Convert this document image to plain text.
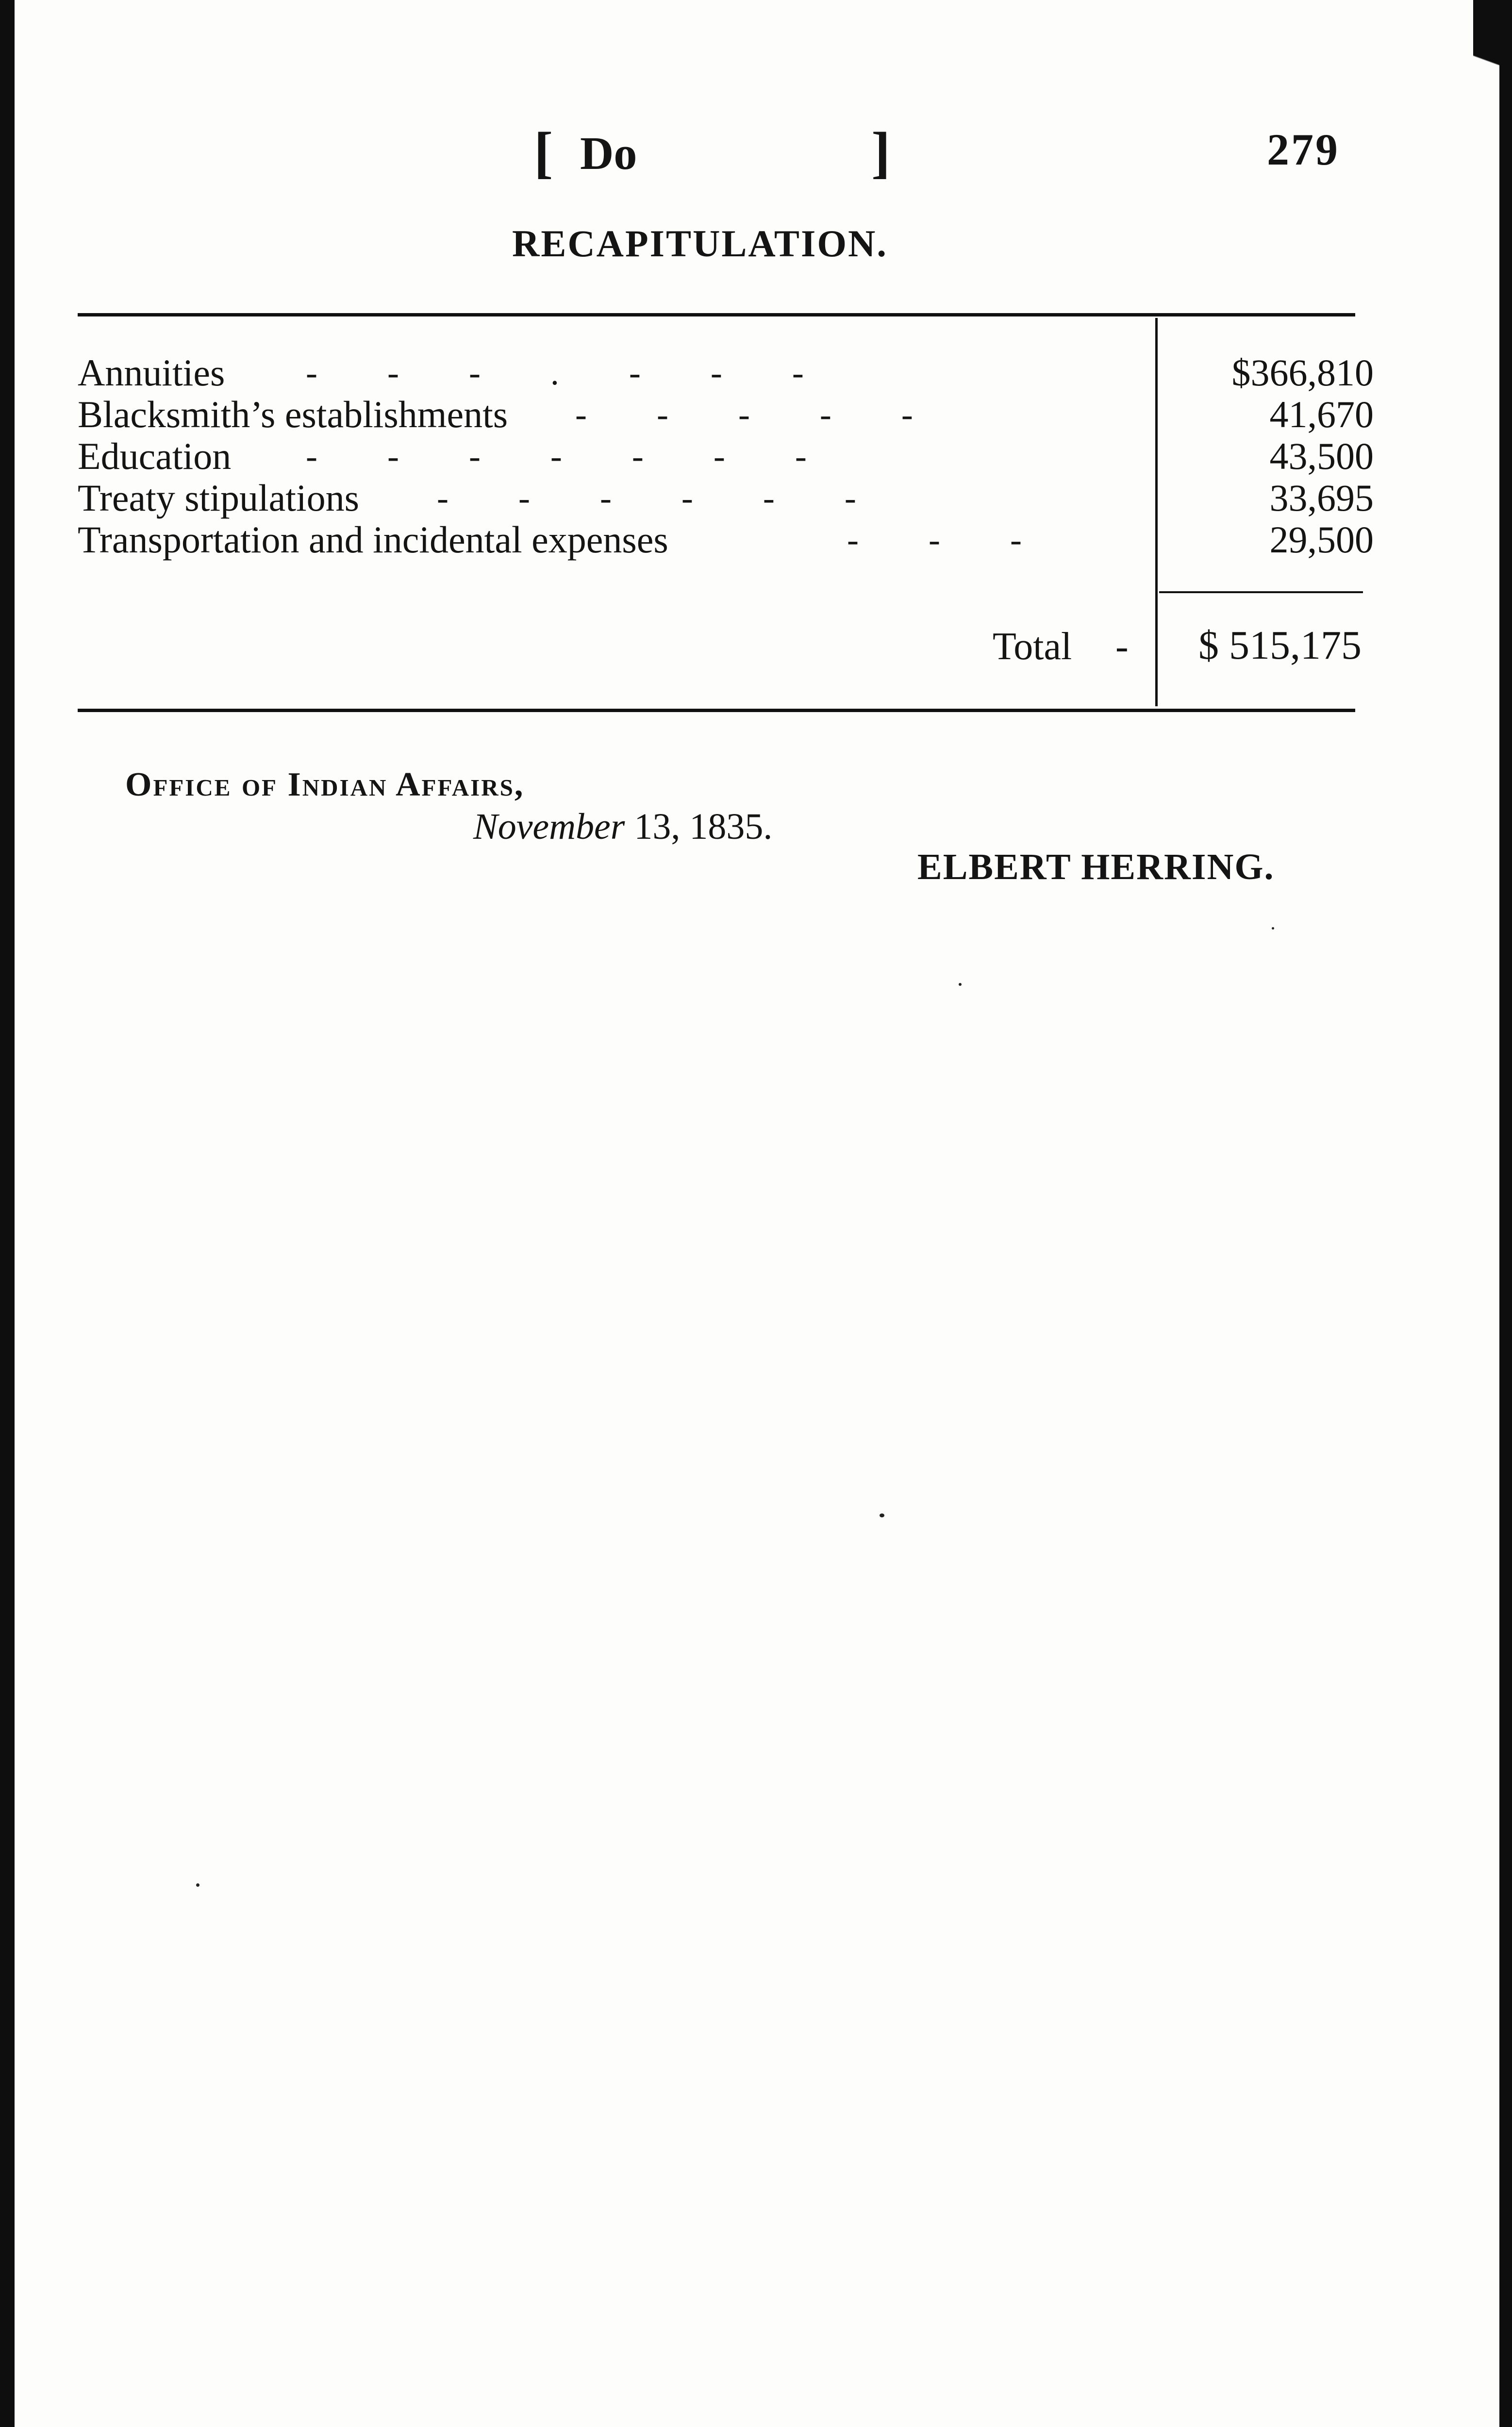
[ Do	]	279
RECAPITULATION.
Annuities -        -        -        .        -        -        -	$366,810
Blacksmith’s establishments -        -        -        -        -	41,670
Education -        -        -        -        -        -        -	43,500
Treaty stipulations -        -        -        -        -        -	33,695
Transportation and incidental expenses	-        -        -	29,500
Total - $ 515,175
Office of Indian Affairs,
November 13, 1835.
ELBERT HERRING.
